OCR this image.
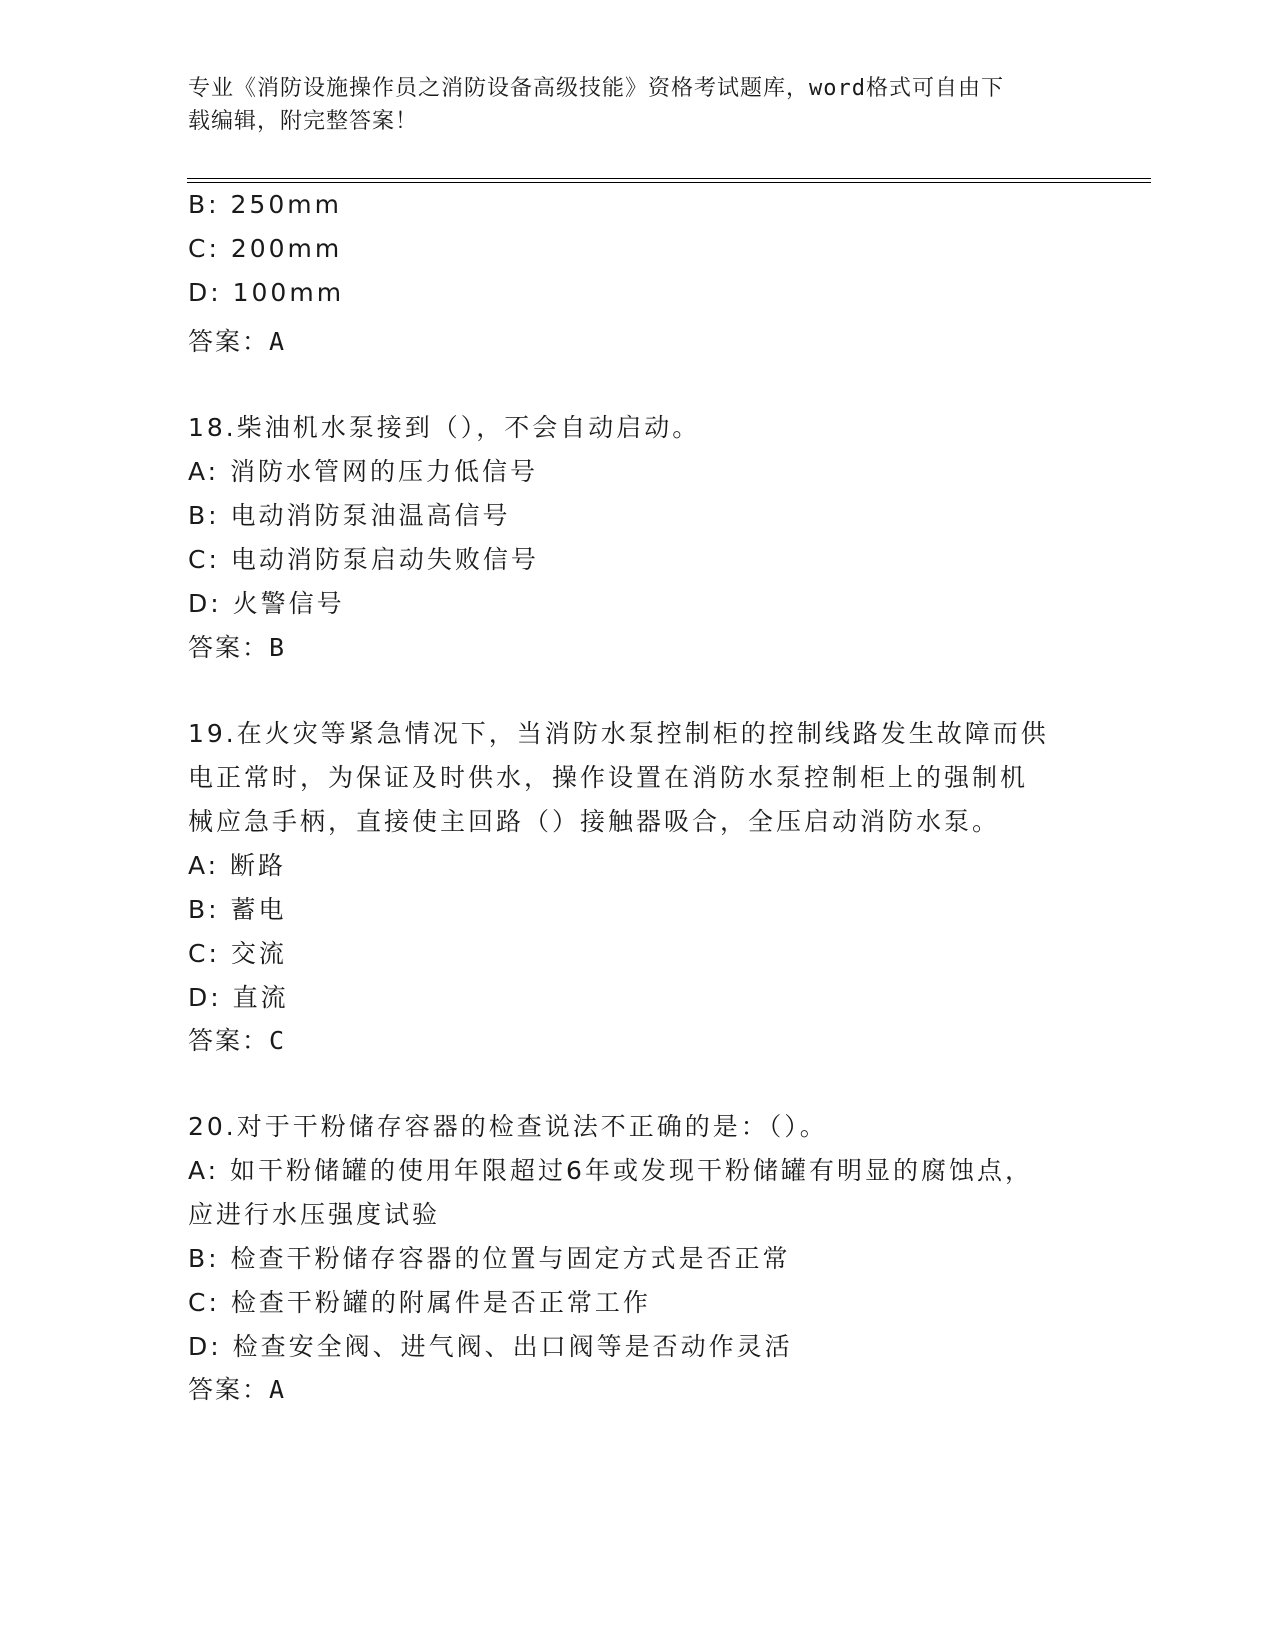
专业《消防设施操作员之消防设备高级技能》资格考试题库，word格式可自由下
载编辑，附完整答案！
B: 250mm
C: 200mm
D: 100mm
答案：A
18.柴油机水泵接到（），不会自动启动。
A: 消防水管网的压力低信号
B: 电动消防泵油温高信号
C: 电动消防泵启动失败信号
D: 火警信号
答案：B
19.在火灾等紧急情况下，当消防水泵控制柜的控制线路发生故障而供
电正常时，为保证及时供水，操作设置在消防水泵控制柜上的强制机
械应急手柄，直接使主回路（）接触器吸合，全压启动消防水泵。
A: 断路
B: 蓄电
C: 交流
D: 直流
答案：C
20.对于干粉储存容器的检查说法不正确的是：（）。
A: 如干粉储罐的使用年限超过6年或发现干粉储罐有明显的腐蚀点，
应进行水压强度试验
B: 检查干粉储存容器的位置与固定方式是否正常
C: 检查干粉罐的附属件是否正常工作
D: 检查安全阀、进气阀、出口阀等是否动作灵活
答案：A
